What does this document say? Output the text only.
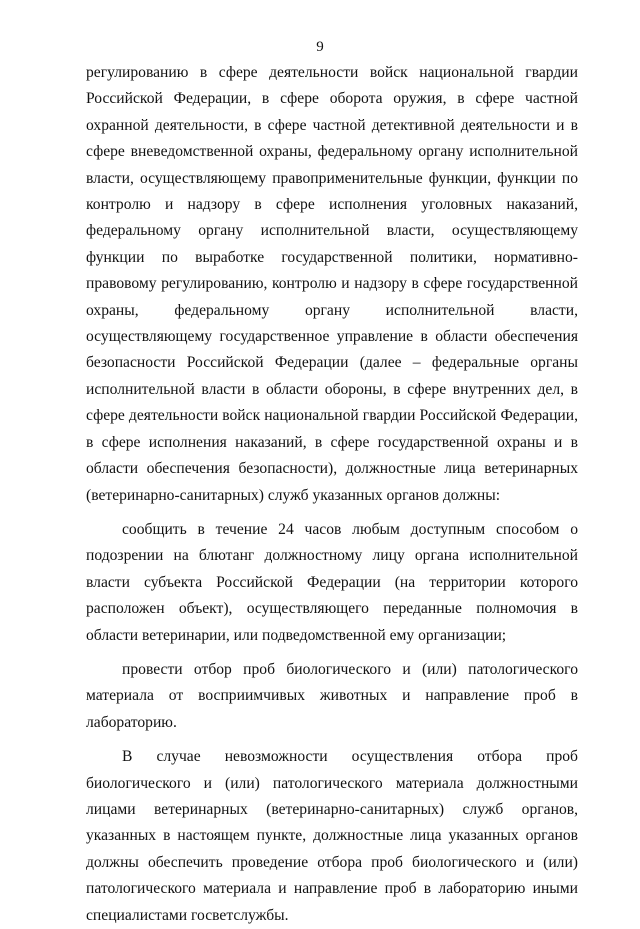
9

регулированию в сфере деятельности войск национальной гвардии Российской Федерации, в сфере оборота оружия, в сфере частной охранной деятельности, в сфере частной детективной деятельности и в сфере вневедомственной охраны, федеральному органу исполнительной власти, осуществляющему правоприменительные функции, функции по контролю и надзору в сфере исполнения уголовных наказаний, федеральному органу исполнительной власти, осуществляющему функции по выработке государственной политики, нормативно-правовому регулированию, контролю и надзору в сфере государственной охраны, федеральному органу исполнительной власти, осуществляющему государственное управление в области обеспечения безопасности Российской Федерации (далее – федеральные органы исполнительной власти в области обороны, в сфере внутренних дел, в сфере деятельности войск национальной гвардии Российской Федерации, в сфере исполнения наказаний, в сфере государственной охраны и в области обеспечения безопасности), должностные лица ветеринарных (ветеринарно-санитарных) служб указанных органов должны:

сообщить в течение 24 часов любым доступным способом о подозрении на блютанг должностному лицу органа исполнительной власти субъекта Российской Федерации (на территории которого расположен объект), осуществляющего переданные полномочия в области ветеринарии, или подведомственной ему организации;

провести отбор проб биологического и (или) патологического материала от восприимчивых животных и направление проб в лабораторию.

В случае невозможности осуществления отбора проб биологического и (или) патологического материала должностными лицами ветеринарных (ветеринарно-санитарных) служб органов, указанных в настоящем пункте, должностные лица указанных органов должны обеспечить проведение отбора проб биологического и (или) патологического материала и направление проб в лабораторию иными специалистами госветслужбы.
